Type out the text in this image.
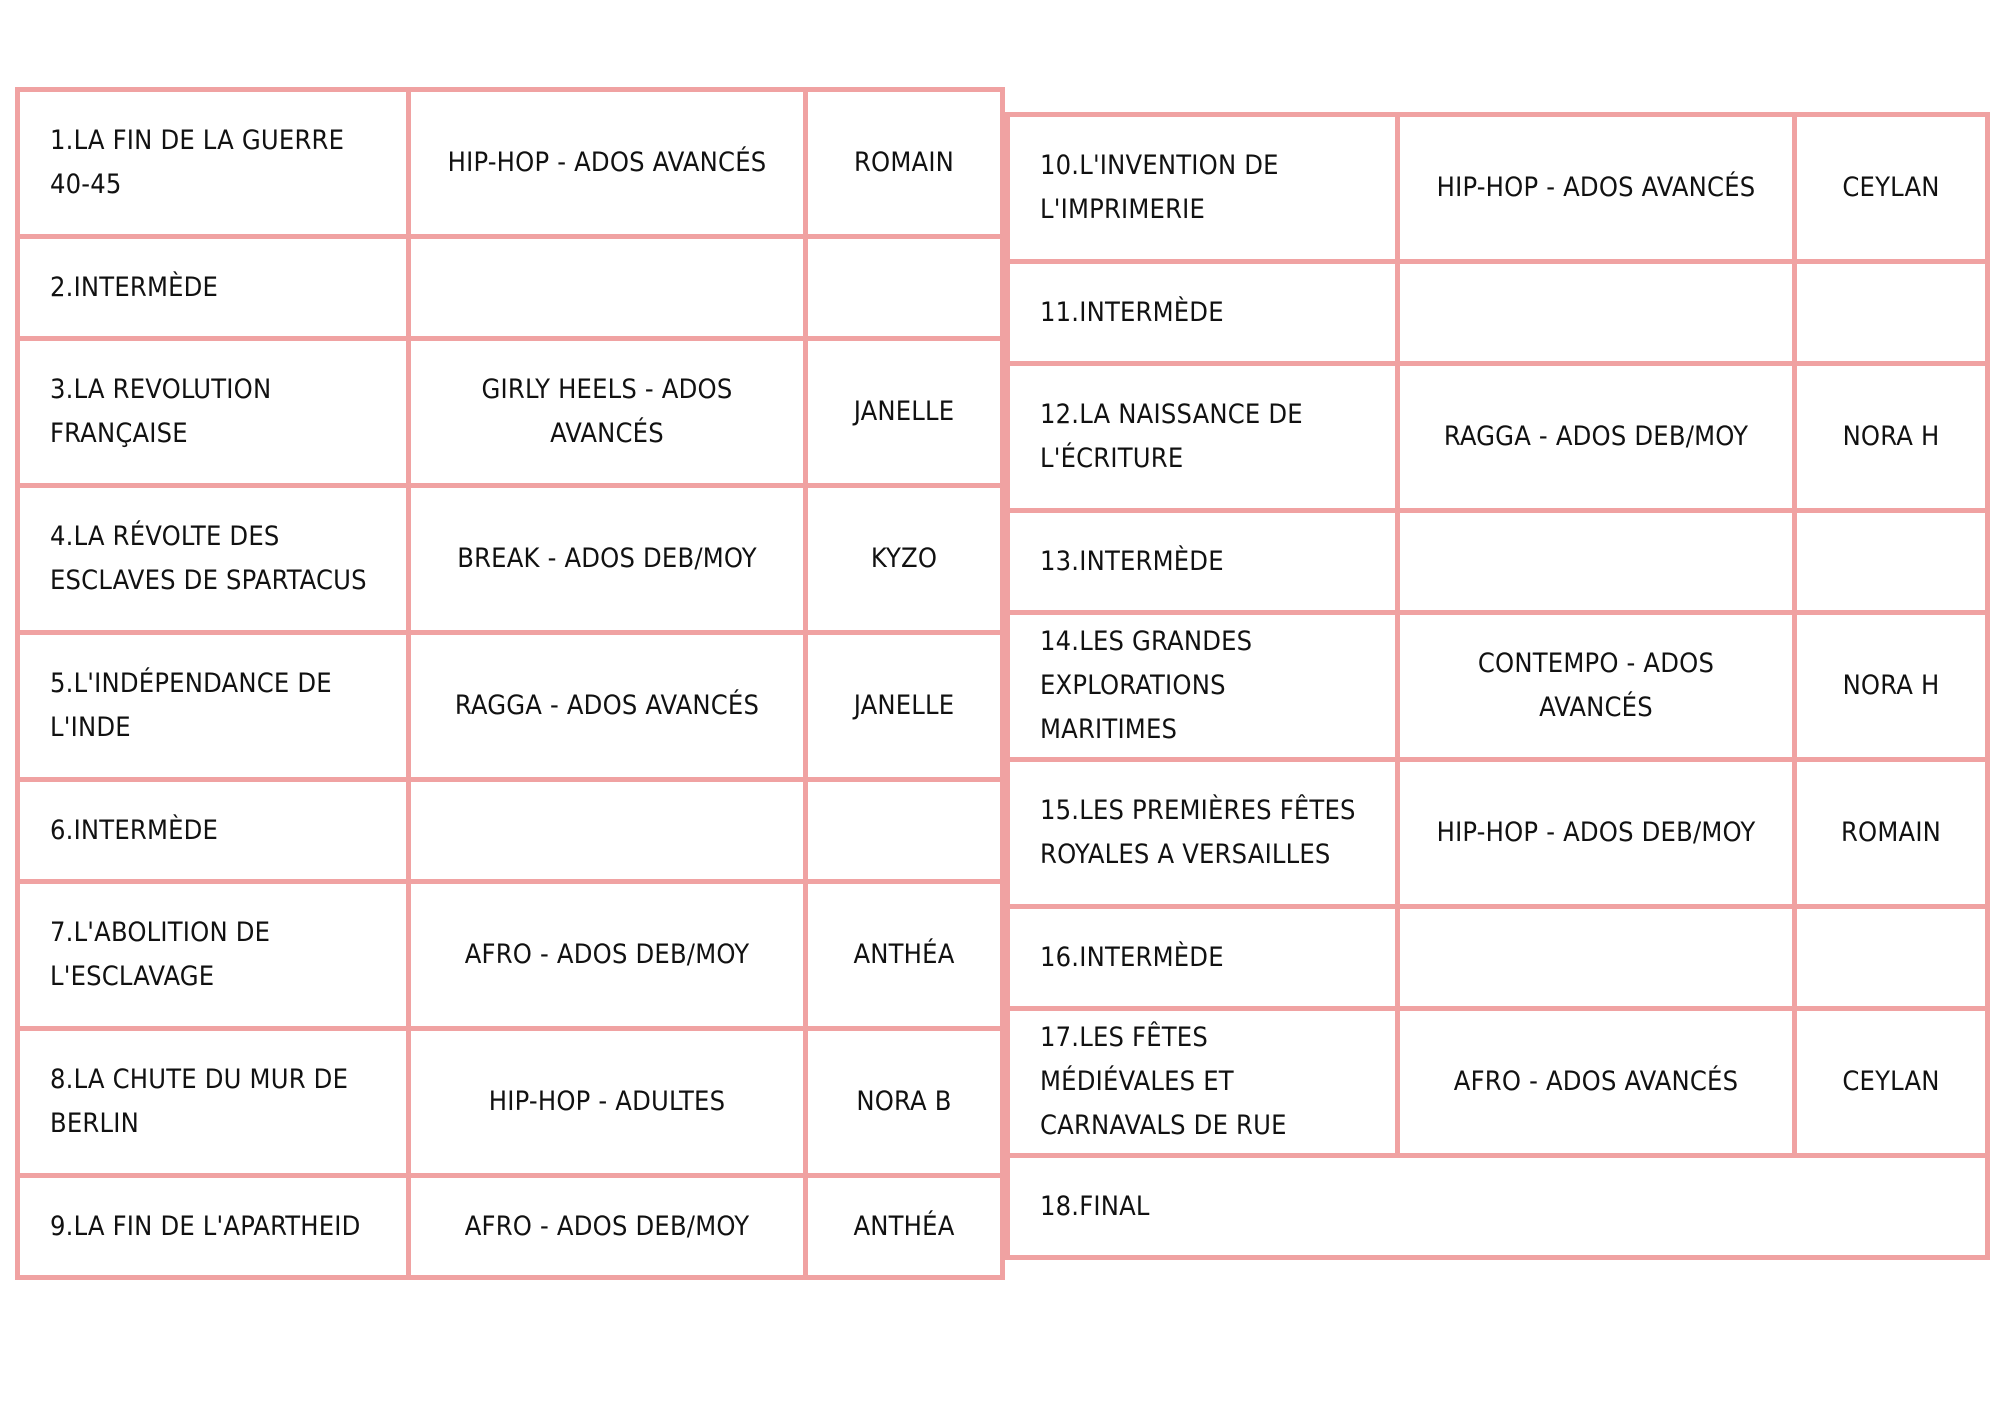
1.LA FIN DE LA GUERRE 40-45	HIP-HOP - ADOS AVANCÉS	ROMAIN
2.INTERMÈDE		
3.LA REVOLUTION FRANÇAISE	GIRLY HEELS - ADOS AVANCÉS	JANELLE
4.LA RÉVOLTE DES ESCLAVES DE SPARTACUS	BREAK - ADOS DEB/MOY	KYZO
5.L'INDÉPENDANCE DE L'INDE	RAGGA - ADOS AVANCÉS	JANELLE
6.INTERMÈDE		
7.L'ABOLITION DE L'ESCLAVAGE	AFRO - ADOS DEB/MOY	ANTHÉA
8.LA CHUTE DU MUR DE BERLIN	HIP-HOP - ADULTES	NORA B
9.LA FIN DE L'APARTHEID	AFRO - ADOS DEB/MOY	ANTHÉA
10.L'INVENTION DE L'IMPRIMERIE	HIP-HOP - ADOS AVANCÉS	CEYLAN
11.INTERMÈDE		
12.LA NAISSANCE DE L'ÉCRITURE	RAGGA - ADOS DEB/MOY	NORA H
13.INTERMÈDE		
14.LES GRANDES EXPLORATIONS MARITIMES	CONTEMPO - ADOS AVANCÉS	NORA H
15.LES PREMIÈRES FÊTES ROYALES A VERSAILLES	HIP-HOP - ADOS DEB/MOY	ROMAIN
16.INTERMÈDE		
17.LES FÊTES MÉDIÉVALES ET CARNAVALS DE RUE	AFRO - ADOS AVANCÉS	CEYLAN
18.FINAL		
